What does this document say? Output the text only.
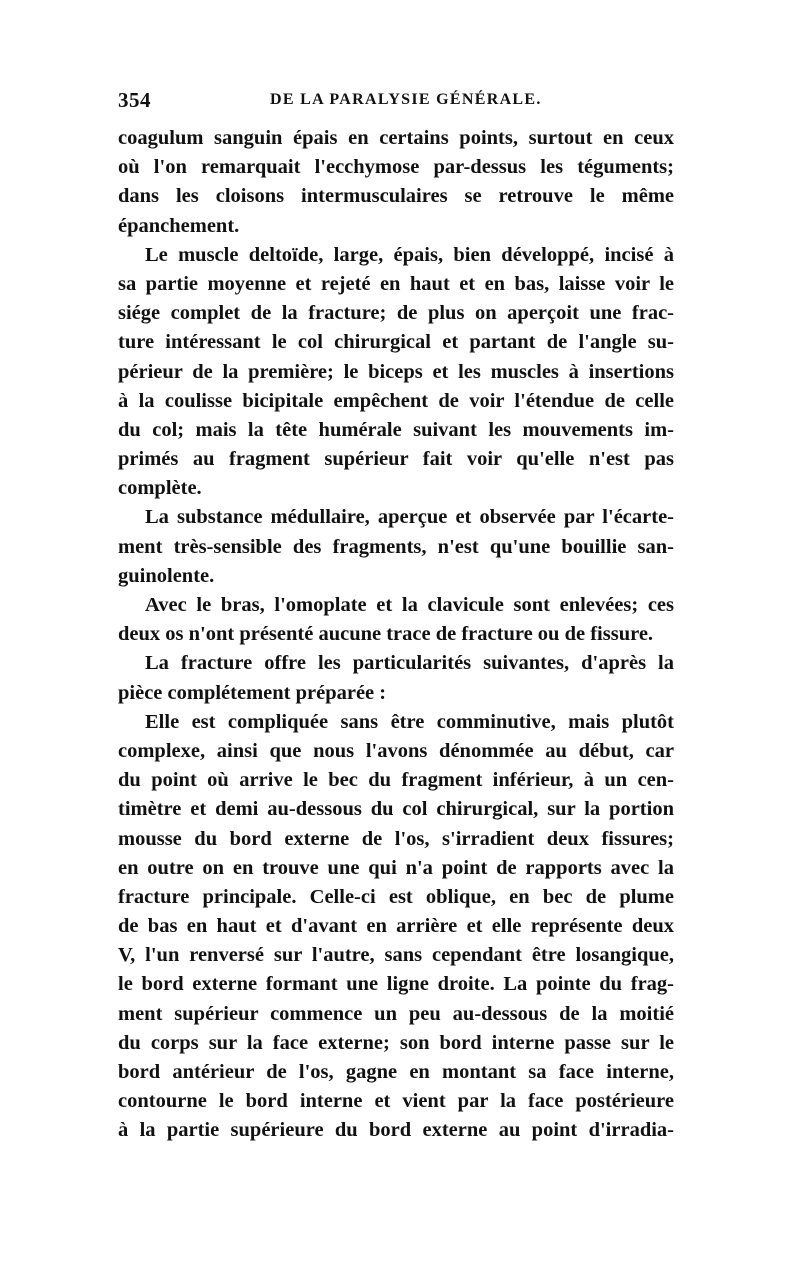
354	DE LA PARALYSIE GÉNÉRALE.
coagulum sanguin épais en certains points, surtout en ceux
où l'on remarquait l'ecchymose par-dessus les téguments;
dans les cloisons intermusculaires se retrouve le même
épanchement.
Le muscle deltoïde, large, épais, bien développé, incisé à
sa partie moyenne et rejeté en haut et en bas, laisse voir le
siége complet de la fracture; de plus on aperçoit une frac-
ture intéressant le col chirurgical et partant de l'angle su-
périeur de la première; le biceps et les muscles à insertions
à la coulisse bicipitale empêchent de voir l'étendue de celle
du col; mais la tête humérale suivant les mouvements im-
primés au fragment supérieur fait voir qu'elle n'est pas
complète.
La substance médullaire, aperçue et observée par l'écarte-
ment très-sensible des fragments, n'est qu'une bouillie san-
guinolente.
Avec le bras, l'omoplate et la clavicule sont enlevées; ces
deux os n'ont présenté aucune trace de fracture ou de fissure.
La fracture offre les particularités suivantes, d'après la
pièce complétement préparée :
Elle est compliquée sans être comminutive, mais plutôt
complexe, ainsi que nous l'avons dénommée au début, car
du point où arrive le bec du fragment inférieur, à un cen-
timètre et demi au-dessous du col chirurgical, sur la portion
mousse du bord externe de l'os, s'irradient deux fissures;
en outre on en trouve une qui n'a point de rapports avec la
fracture principale. Celle-ci est oblique, en bec de plume
de bas en haut et d'avant en arrière et elle représente deux
V, l'un renversé sur l'autre, sans cependant être losangique,
le bord externe formant une ligne droite. La pointe du frag-
ment supérieur commence un peu au-dessous de la moitié
du corps sur la face externe; son bord interne passe sur le
bord antérieur de l'os, gagne en montant sa face interne,
contourne le bord interne et vient par la face postérieure
à la partie supérieure du bord externe au point d'irradia-
